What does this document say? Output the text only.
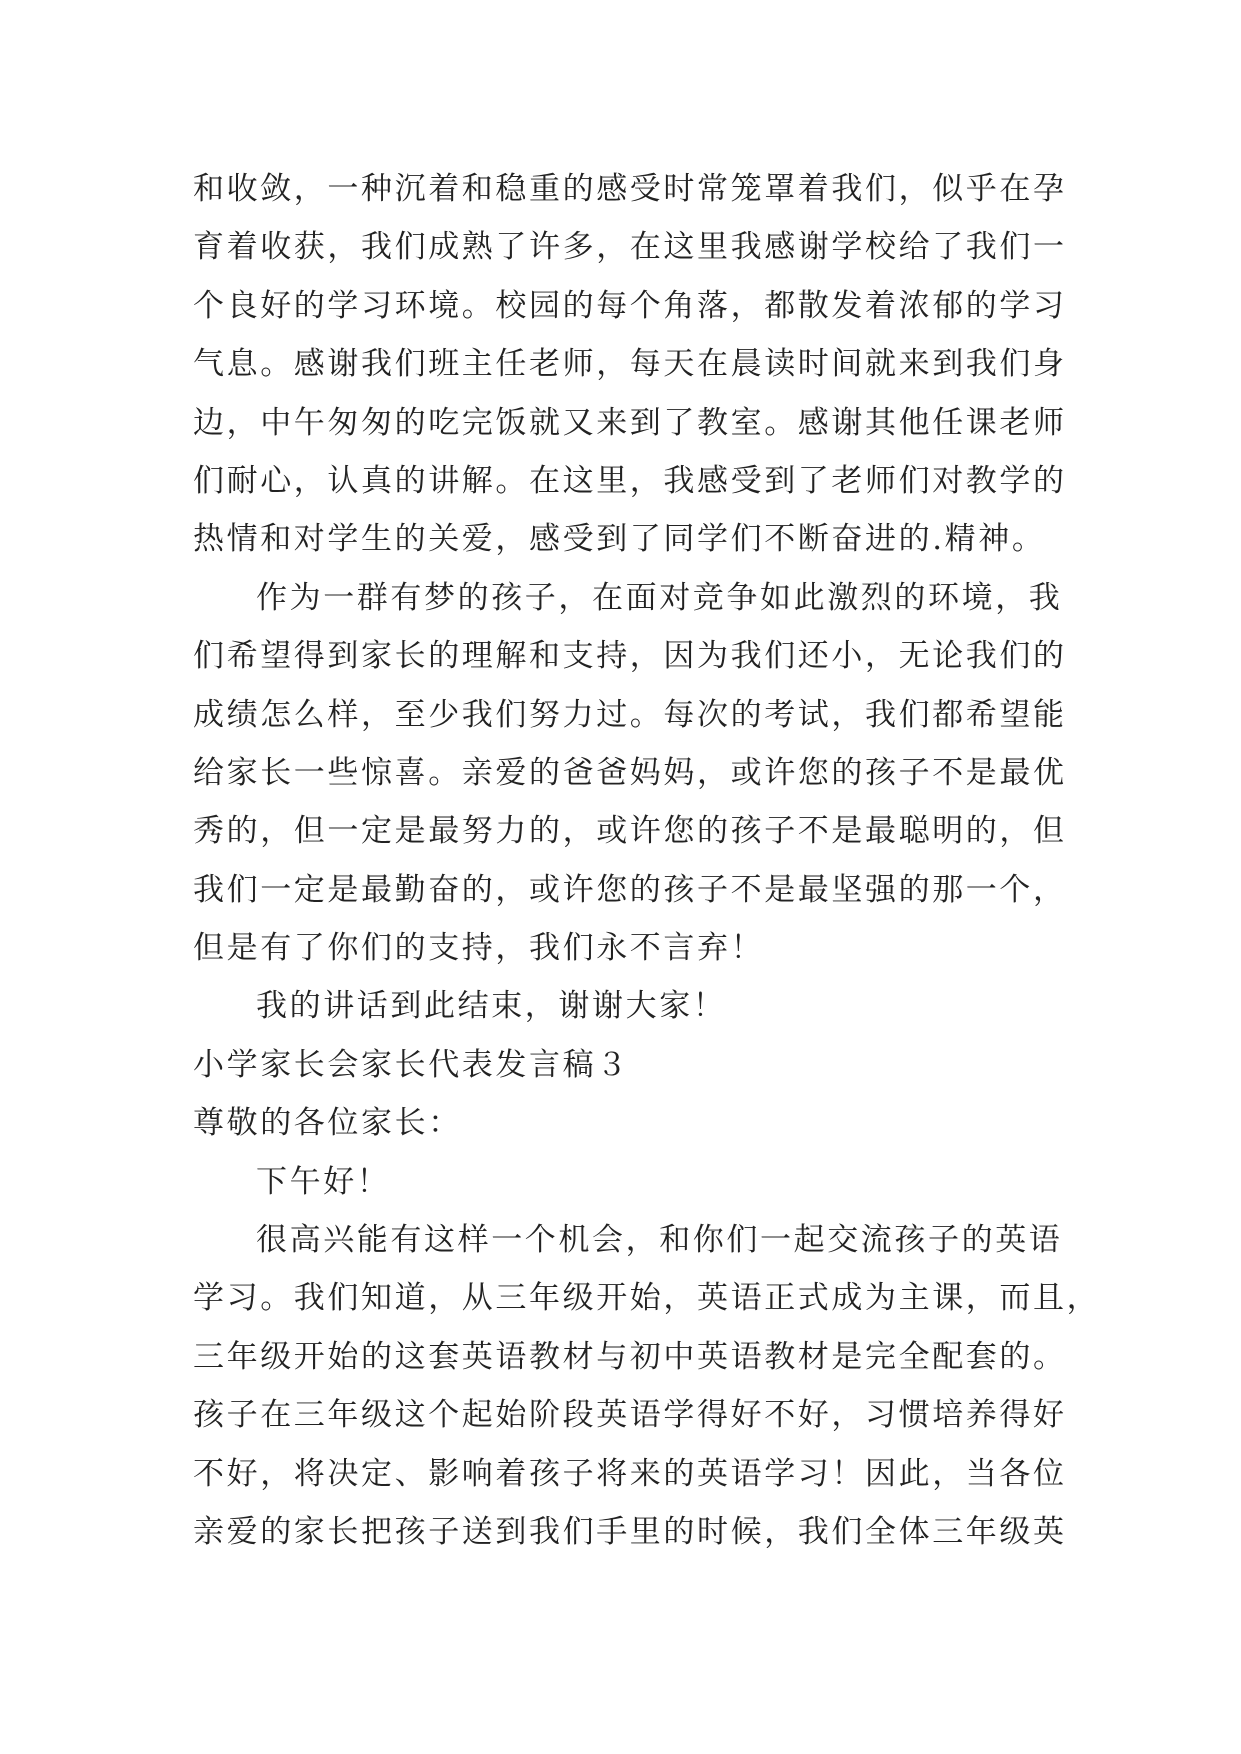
和收敛，一种沉着和稳重的感受时常笼罩着我们，似乎在孕
育着收获，我们成熟了许多，在这里我感谢学校给了我们一
个良好的学习环境。校园的每个角落，都散发着浓郁的学习
气息。感谢我们班主任老师，每天在晨读时间就来到我们身
边，中午匆匆的吃完饭就又来到了教室。感谢其他任课老师
们耐心，认真的讲解。在这里，我感受到了老师们对教学的
热情和对学生的关爱，感受到了同学们不断奋进的.精神。
作为一群有梦的孩子，在面对竞争如此激烈的环境，我
们希望得到家长的理解和支持，因为我们还小，无论我们的
成绩怎么样，至少我们努力过。每次的考试，我们都希望能
给家长一些惊喜。亲爱的爸爸妈妈，或许您的孩子不是最优
秀的，但一定是最努力的，或许您的孩子不是最聪明的，但
我们一定是最勤奋的，或许您的孩子不是最坚强的那一个，
但是有了你们的支持，我们永不言弃！
我的讲话到此结束，谢谢大家！
小学家长会家长代表发言稿３
尊敬的各位家长：
下午好！
很高兴能有这样一个机会，和你们一起交流孩子的英语
学习。我们知道，从三年级开始，英语正式成为主课，而且，
三年级开始的这套英语教材与初中英语教材是完全配套的。
孩子在三年级这个起始阶段英语学得好不好，习惯培养得好
不好，将决定、影响着孩子将来的英语学习！因此，当各位
亲爱的家长把孩子送到我们手里的时候，我们全体三年级英
